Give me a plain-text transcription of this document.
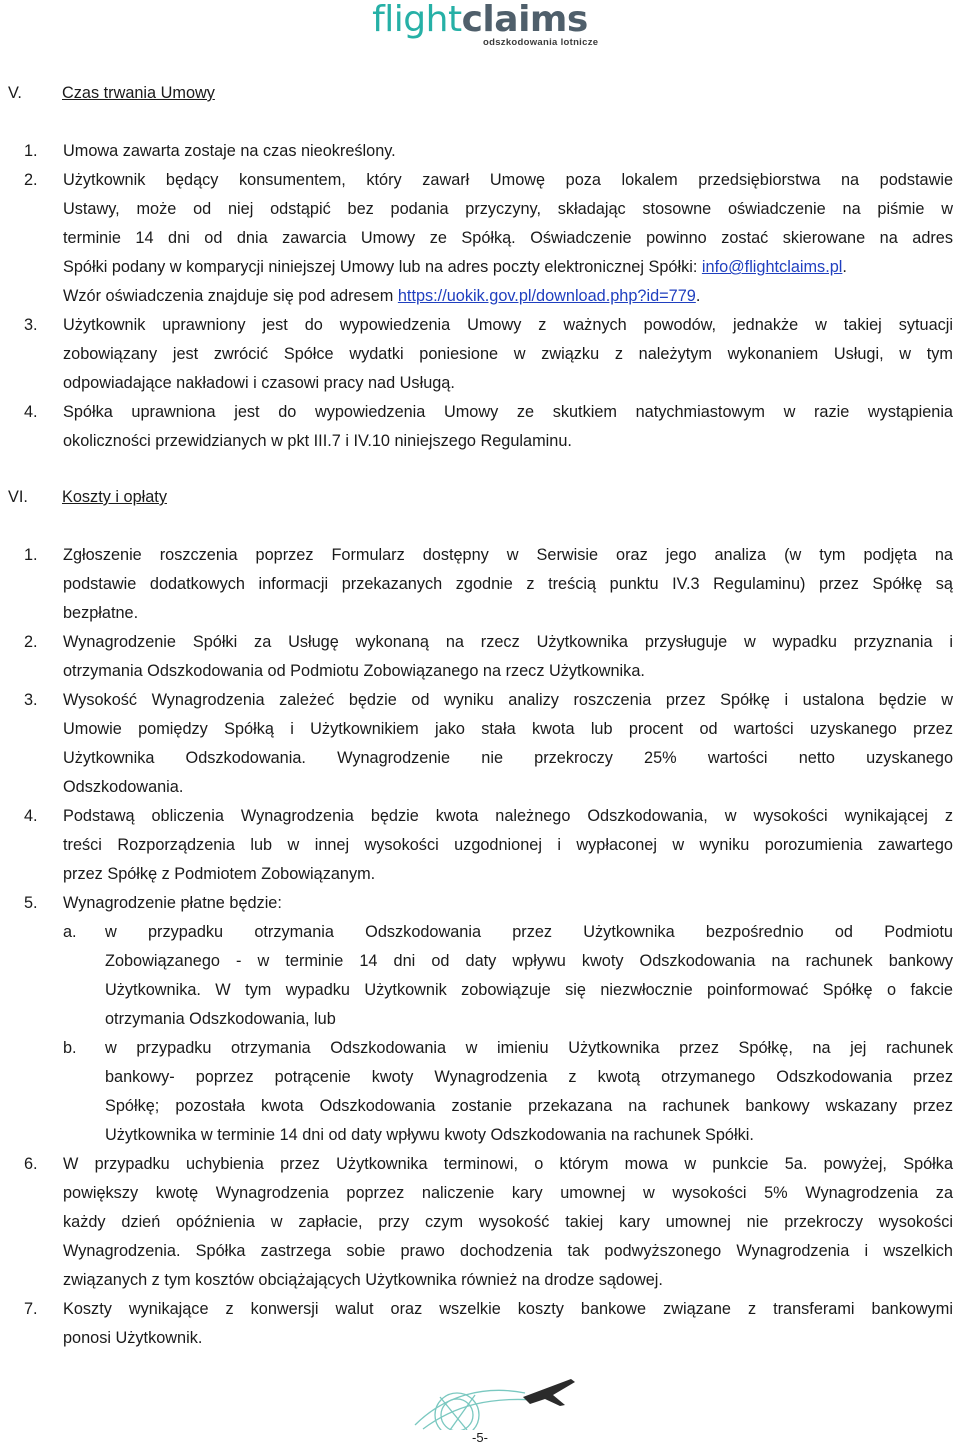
flightclaims
odszkodowania lotnicze
V. Czas trwania Umowy
1. Umowa zawarta zostaje na czas nieokreślony.
2. Użytkownik będący konsumentem, który zawarł Umowę poza lokalem przedsiębiorstwa na podstawie
Ustawy, może od niej odstąpić bez podania przyczyny, składając stosowne oświadczenie na piśmie w
terminie 14 dni od dnia zawarcia Umowy ze Spółką. Oświadczenie powinno zostać skierowane na adres
Spółki podany w komparycji niniejszej Umowy lub na adres poczty elektronicznej Spółki: info@flightclaims.pl.
Wzór oświadczenia znajduje się pod adresem https://uokik.gov.pl/download.php?id=779.
3. Użytkownik uprawniony jest do wypowiedzenia Umowy z ważnych powodów, jednakże w takiej sytuacji
zobowiązany jest zwrócić Spółce wydatki poniesione w związku z należytym wykonaniem Usługi, w tym
odpowiadające nakładowi i czasowi pracy nad Usługą.
4. Spółka uprawniona jest do wypowiedzenia Umowy ze skutkiem natychmiastowym w razie wystąpienia
okoliczności przewidzianych w pkt III.7 i IV.10 niniejszego Regulaminu.
VI. Koszty i opłaty
1. Zgłoszenie roszczenia poprzez Formularz dostępny w Serwisie oraz jego analiza (w tym podjęta na
podstawie dodatkowych informacji przekazanych zgodnie z treścią punktu IV.3 Regulaminu) przez Spółkę są
bezpłatne.
2. Wynagrodzenie Spółki za Usługę wykonaną na rzecz Użytkownika przysługuje w wypadku przyznania i
otrzymania Odszkodowania od Podmiotu Zobowiązanego na rzecz Użytkownika.
3. Wysokość Wynagrodzenia zależeć będzie od wyniku analizy roszczenia przez Spółkę i ustalona będzie w
Umowie pomiędzy Spółką i Użytkownikiem jako stała kwota lub procent od wartości uzyskanego przez
Użytkownika Odszkodowania. Wynagrodzenie nie przekroczy 25% wartości netto uzyskanego
Odszkodowania.
4. Podstawą obliczenia Wynagrodzenia będzie kwota należnego Odszkodowania, w wysokości wynikającej z
treści Rozporządzenia lub w innej wysokości uzgodnionej i wypłaconej w wyniku porozumienia zawartego
przez Spółkę z Podmiotem Zobowiązanym.
5. Wynagrodzenie płatne będzie:
a. w przypadku otrzymania Odszkodowania przez Użytkownika bezpośrednio od Podmiotu
Zobowiązanego - w terminie 14 dni od daty wpływu kwoty Odszkodowania na rachunek bankowy
Użytkownika. W tym wypadku Użytkownik zobowiązuje się niezwłocznie poinformować Spółkę o fakcie
otrzymania Odszkodowania, lub
b. w przypadku otrzymania Odszkodowania w imieniu Użytkownika przez Spółkę, na jej rachunek
bankowy- poprzez potrącenie kwoty Wynagrodzenia z kwotą otrzymanego Odszkodowania przez
Spółkę; pozostała kwota Odszkodowania zostanie przekazana na rachunek bankowy wskazany przez
Użytkownika w terminie 14 dni od daty wpływu kwoty Odszkodowania na rachunek Spółki.
6. W przypadku uchybienia przez Użytkownika terminowi, o którym mowa w punkcie 5a. powyżej, Spółka
powiększy kwotę Wynagrodzenia poprzez naliczenie kary umownej w wysokości 5% Wynagrodzenia za
każdy dzień opóźnienia w zapłacie, przy czym wysokość takiej kary umownej nie przekroczy wysokości
Wynagrodzenia. Spółka zastrzega sobie prawo dochodzenia tak podwyższonego Wynagrodzenia i wszelkich
związanych z tym kosztów obciążających Użytkownika również na drodze sądowej.
7. Koszty wynikające z konwersji walut oraz wszelkie koszty bankowe związane z transferami bankowymi
ponosi Użytkownik.
-5-
